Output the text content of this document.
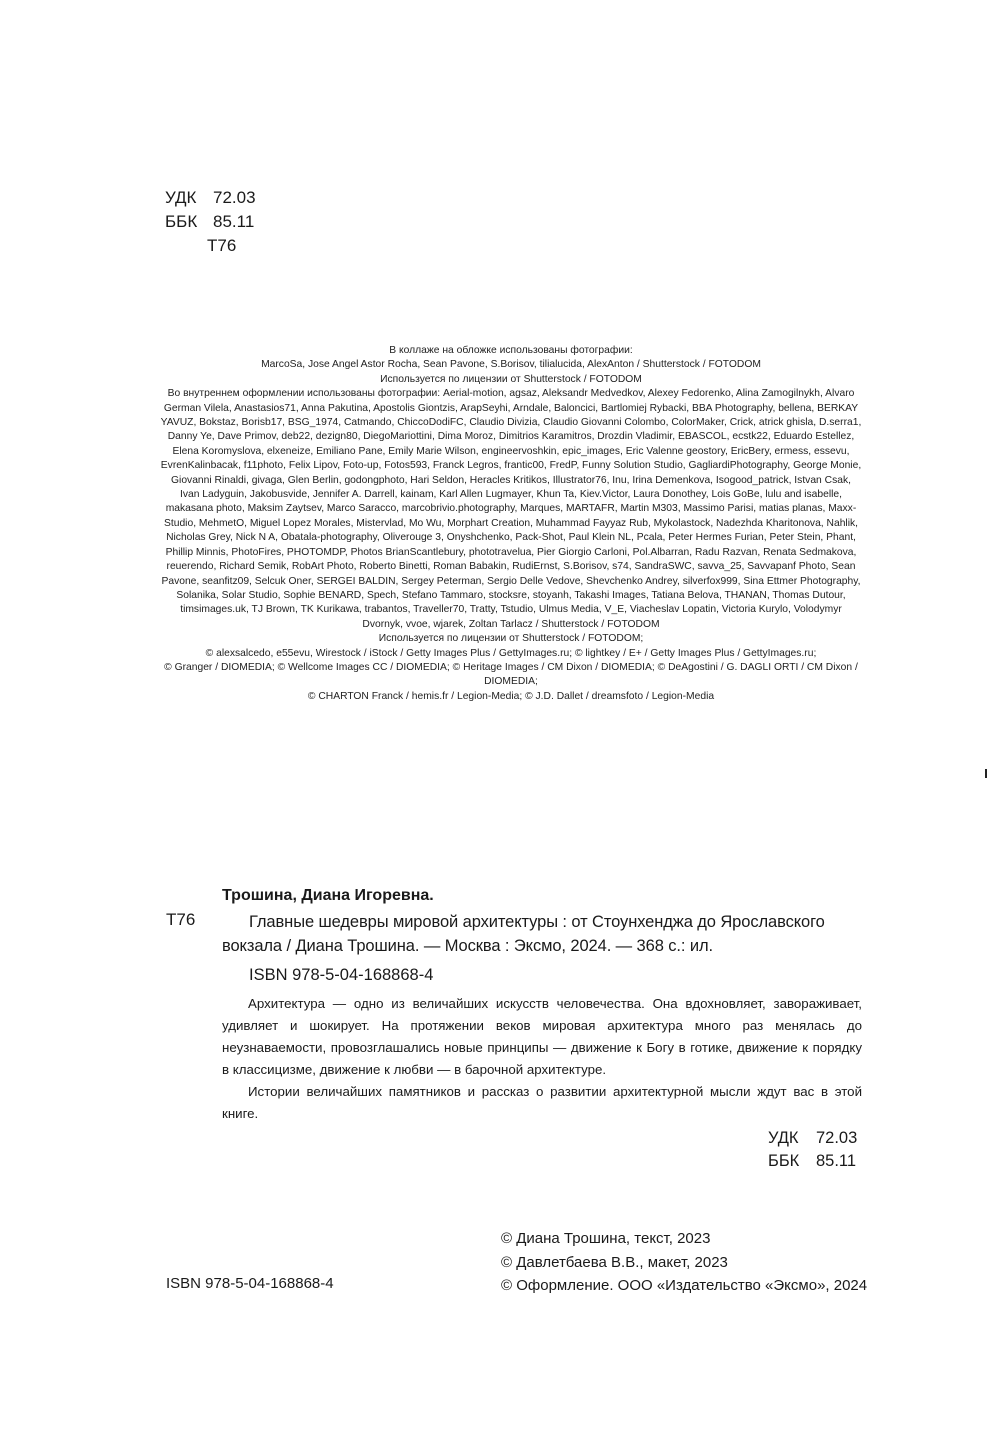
УДК 72.03
ББК 85.11
Т76

В коллаже на обложке использованы фотографии:

MarcoSa, Jose Angel Astor Rocha, Sean Pavone, S.Borisov, tilialucida, AlexAnton / Shutterstock / FOTODOM

Используется по лицензии от Shutterstock / FOTODOM

Во внутреннем оформлении использованы фотографии: Aerial-motion, agsaz, Aleksandr Medvedkov, Alexey Fedorenko, Alina Zamogilnykh, Alvaro German Vilela, Anastasios71, Anna Pakutina, Apostolis Giontzis, ArapSeyhi, Arndale, Baloncici, Bartlomiej Rybacki, BBA Photography, bellena, BERKAY YAVUZ, Bokstaz, Borisb17, BSG_1974, Catmando, ChiccoDodiFC, Claudio Divizia, Claudio Giovanni Colombo, ColorMaker, Crick, atrick ghisla, D.serra1, Danny Ye, Dave Primov, deb22, dezign80, DiegoMariottini, Dima Moroz, Dimitrios Karamitros, Drozdin Vladimir, EBASCOL, ecstk22, Eduardo Estellez, Elena Koromyslova, elxeneize, Emiliano Pane, Emily Marie Wilson, engineervoshkin, epic_images, Eric Valenne geostory, EricBery, ermess, essevu, EvrenKalinbacak, f11photo, Felix Lipov, Foto-up, Fotos593, Franck Legros, frantic00, FredP, Funny Solution Studio, GagliardiPhotography, George Monie, Giovanni Rinaldi, givaga, Glen Berlin, godongphoto, Hari Seldon, Heracles Kritikos, Illustrator76, Inu, Irina Demenkova, Isogood_patrick, Istvan Csak, Ivan Ladyguin, Jakobusvide, Jennifer A. Darrell, kainam, Karl Allen Lugmayer, Khun Ta, Kiev.Victor, Laura Donothey, Lois GoBe, lulu and isabelle, makasana photo, Maksim Zaytsev, Marco Saracco, marcobrivio.photography, Marques, MARTAFR, Martin M303, Massimo Parisi, matias planas, Maxx-Studio, MehmetO, Miguel Lopez Morales, Mistervlad, Mo Wu, Morphart Creation, Muhammad Fayyaz Rub, Mykolastock, Nadezhda Kharitonova, Nahlik, Nicholas Grey, Nick N A, Obatala-photography, Oliverouge 3, Onyshchenko, Pack-Shot, Paul Klein NL, Pcala, Peter Hermes Furian, Peter Stein, Phant, Phillip Minnis, PhotoFires, PHOTOMDP, Photos BrianScantlebury, phototravelua, Pier Giorgio Carloni, Pol.Albarran, Radu Razvan, Renata Sedmakova, reuerendo, Richard Semik, RobArt Photo, Roberto Binetti, Roman Babakin, RudiErnst, S.Borisov, s74, SandraSWC, savva_25, Savvapanf Photo, Sean Pavone, seanfitz09, Selcuk Oner, SERGEI BALDIN, Sergey Peterman, Sergio Delle Vedove, Shevchenko Andrey, silverfox999, Sina Ettmer Photography, Solanika, Solar Studio, Sophie BENARD, Spech, Stefano Tammaro, stocksre, stoyanh, Takashi Images, Tatiana Belova, THANAN, Thomas Dutour, timsimages.uk, TJ Brown, TK Kurikawa, trabantos, Traveller70, Tratty, Tstudio, Ulmus Media, V_E, Viacheslav Lopatin, Victoria Kurylo, Volodymyr Dvornyk, vvoe, wjarek, Zoltan Tarlacz / Shutterstock / FOTODOM

Используется по лицензии от Shutterstock / FOTODOM;

© alexsalcedo, e55evu, Wirestock / iStock / Getty Images Plus / GettyImages.ru; © lightkey / E+ / Getty Images Plus / GettyImages.ru;

© Granger / DIOMEDIA; © Wellcome Images CC / DIOMEDIA; © Heritage Images / CM Dixon / DIOMEDIA; © DeAgostini / G. DAGLI ORTI / CM Dixon / DIOMEDIA;

© CHARTON Franck / hemis.fr / Legion-Media; © J.D. Dallet / dreamsfoto / Legion-Media

Трошина, Диана Игоревна.
Т76	Главные шедевры мировой архитектуры : от Стоунхенджа до Ярославского вокзала / Диана Трошина. — Москва : Эксмо, 2024. — 368 с.: ил.
ISBN 978-5-04-168868-4

Архитектура — одно из величайших искусств человечества. Она вдохновляет, завораживает, удивляет и шокирует. На протяжении веков мировая архитектура много раз менялась до неузнаваемости, провозглашались новые принципы — движение к Богу в готике, движение к порядку в классицизме, движение к любви — в барочной архитектуре.

Истории величайших памятников и рассказ о развитии архитектурной мысли ждут вас в этой книге.

УДК	72.03
ББК	85.11
© Диана Трошина, текст, 2023
© Давлетбаева В.В., макет, 2023
© Оформление. ООО «Издательство «Эксмо», 2024
ISBN 978-5-04-168868-4
